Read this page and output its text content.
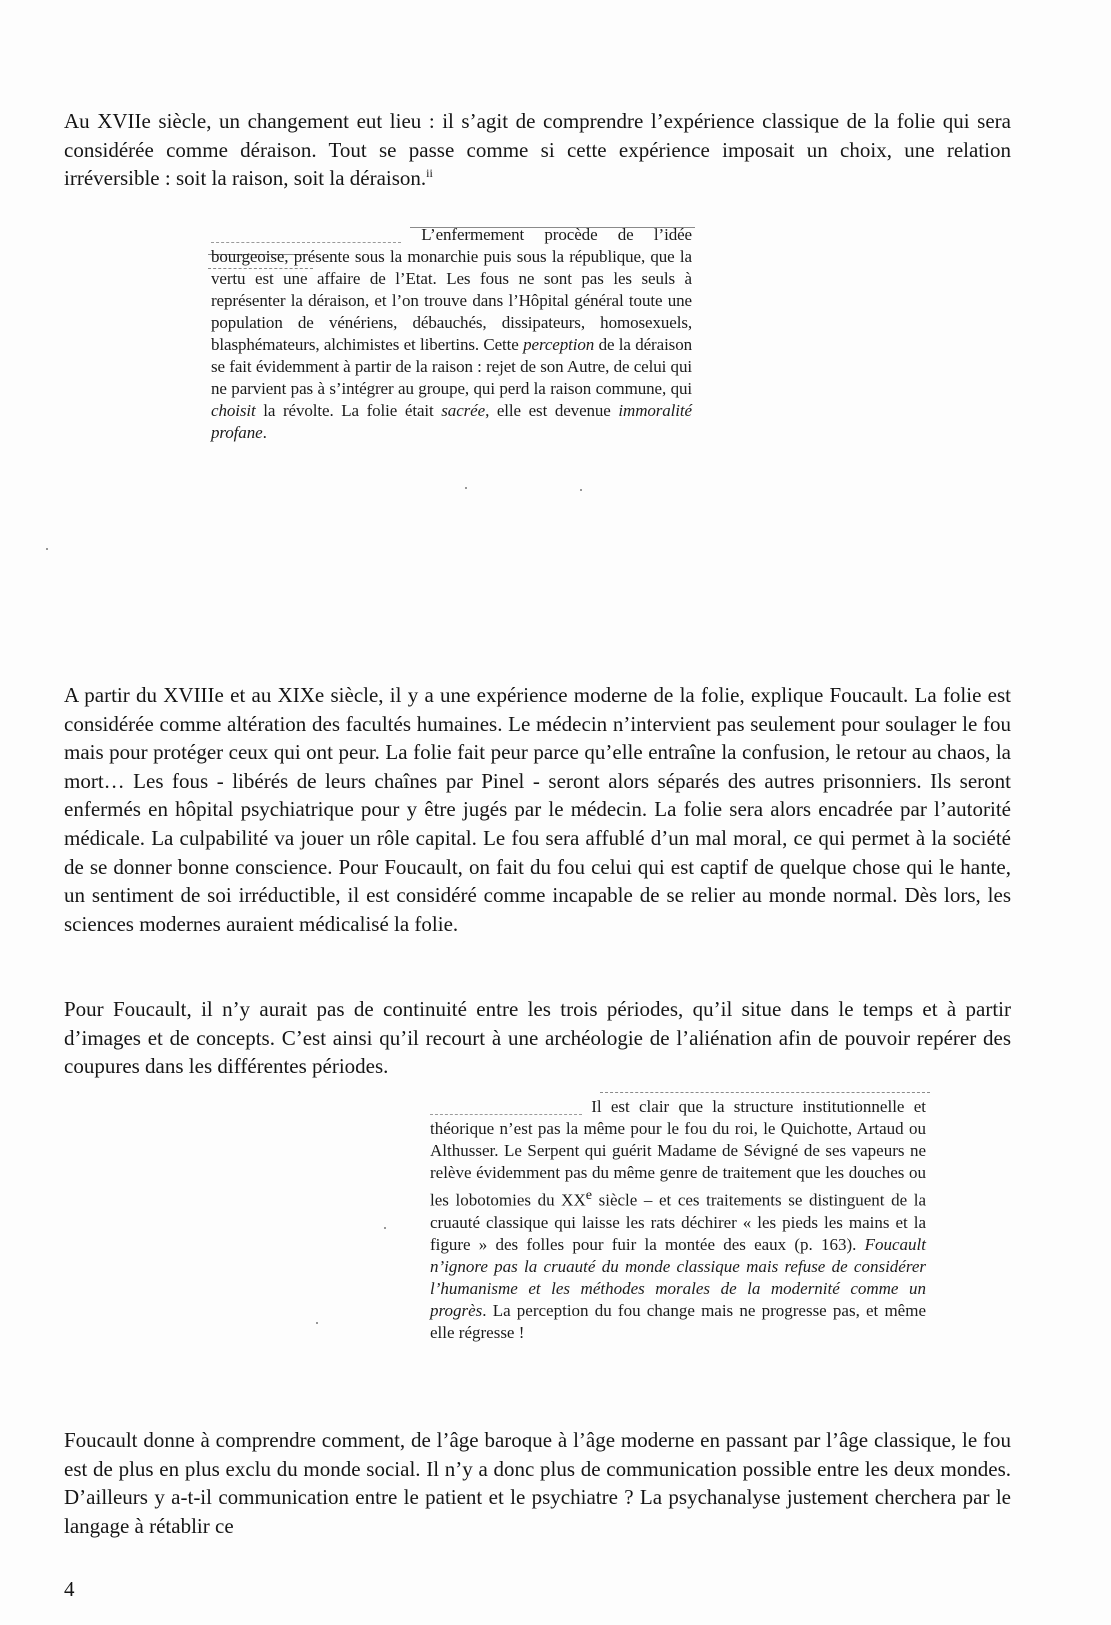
Au XVIIe siècle, un changement eut lieu : il s’agit de comprendre l’expérience classique de la folie qui sera considérée comme déraison. Tout se passe comme si cette expérience imposait un choix, une relation irréversible : soit la raison, soit la déraison.$^{ii}$

L’enfermement procède de l’idée bourgeoise, présente sous la monarchie puis sous la république, que la vertu est une affaire de l’Etat. Les fous ne sont pas les seuls à représenter la déraison, et l’on trouve dans l’Hôpital général toute une population de vénériens, débauchés, dissipateurs, homosexuels, blasphémateurs, alchimistes et libertins. Cette perception de la déraison se fait évidemment à partir de la raison : rejet de son Autre, de celui qui ne parvient pas à s’intégrer au groupe, qui perd la raison commune, qui choisit la révolte. La folie était sacrée, elle est devenue immoralité profane.

A partir du XVIIIe et au XIXe siècle, il y a une expérience moderne de la folie, explique Foucault. La folie est considérée comme altération des facultés humaines. Le médecin n’intervient pas seulement pour soulager le fou mais pour protéger ceux qui ont peur. La folie fait peur parce qu’elle entraîne la confusion, le retour au chaos, la mort… Les fous - libérés de leurs chaînes par Pinel - seront alors séparés des autres prisonniers. Ils seront enfermés en hôpital psychiatrique pour y être jugés par le médecin. La folie sera alors encadrée par l’autorité médicale. La culpabilité va jouer un rôle capital. Le fou sera affublé d’un mal moral, ce qui permet à la société de se donner bonne conscience. Pour Foucault, on fait du fou celui qui est captif de quelque chose qui le hante, un sentiment de soi irréductible, il est considéré comme incapable de se relier au monde normal. Dès lors, les sciences modernes auraient médicalisé la folie.

Pour Foucault, il n’y aurait pas de continuité entre les trois périodes, qu’il situe dans le temps et à partir d’images et de concepts. C’est ainsi qu’il recourt à une archéologie de l’aliénation afin de pouvoir repérer des coupures dans les différentes périodes.

Il est clair que la structure institutionnelle et théorique n’est pas la même pour le fou du roi, le Quichotte, Artaud ou Althusser. Le Serpent qui guérit Madame de Sévigné de ses vapeurs ne relève évidemment pas du même genre de traitement que les douches ou les lobotomies du XXe siècle – et ces traitements se distinguent de la cruauté classique qui laisse les rats déchirer « les pieds les mains et la figure » des folles pour fuir la montée des eaux (p. 163). Foucault n’ignore pas la cruauté du monde classique mais refuse de considérer l’humanisme et les méthodes morales de la modernité comme un progrès. La perception du fou change mais ne progresse pas, et même elle régresse !

Foucault donne à comprendre comment, de l’âge baroque à l’âge moderne en passant par l’âge classique, le fou est de plus en plus exclu du monde social. Il n’y a donc plus de communication possible entre les deux mondes. D’ailleurs y a-t-il communication entre le patient et le psychiatre ? La psychanalyse justement cherchera par le langage à rétablir ce

4
